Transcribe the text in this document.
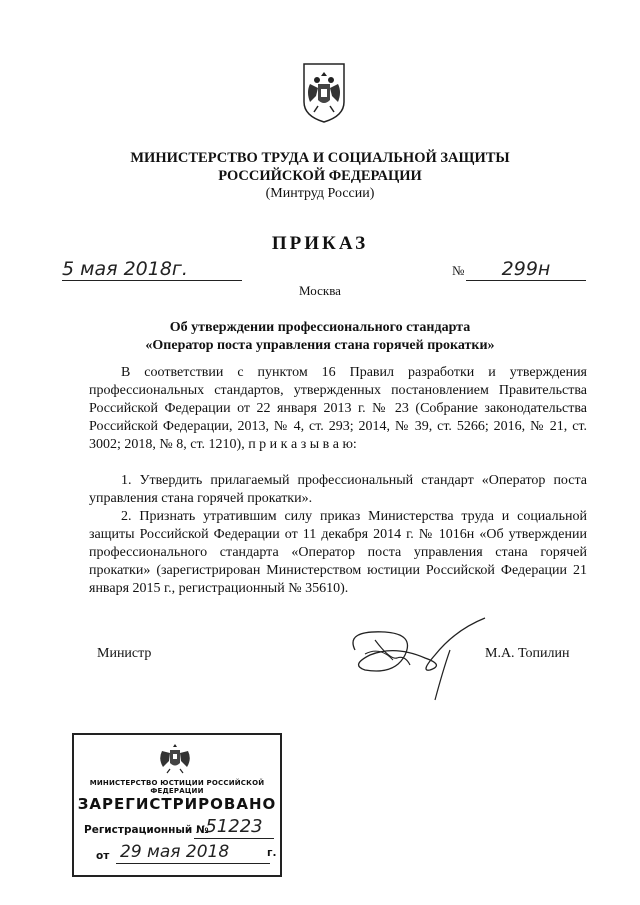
МИНИСТЕРСТВО ТРУДА И СОЦИАЛЬНОЙ ЗАЩИТЫ
РОССИЙСКОЙ ФЕДЕРАЦИИ
(Минтруд России)
ПРИКАЗ
5 мая 2018г.	№	299н
Москва
Об утверждении профессионального стандарта
«Оператор поста управления стана горячей прокатки»
В соответствии с пунктом 16 Правил разработки и утверждения профессиональных стандартов, утвержденных постановлением Правительства Российской Федерации от 22 января 2013 г. № 23 (Собрание законодательства Российской Федерации, 2013, № 4, ст. 293; 2014, № 39, ст. 5266; 2016, № 21, ст. 3002; 2018, № 8, ст. 1210), п р и к а з ы в а ю:
1. Утвердить прилагаемый профессиональный стандарт «Оператор поста управления стана горячей прокатки».
2. Признать утратившим силу приказ Министерства труда и социальной защиты Российской Федерации от 11 декабря 2014 г. № 1016н «Об утверждении профессионального стандарта «Оператор поста управления стана горячей прокатки» (зарегистрирован Министерством юстиции Российской Федерации 21 января 2015 г., регистрационный № 35610).
Министр	М.А. Топилин
МИНИСТЕРСТВО ЮСТИЦИИ РОССИЙСКОЙ ФЕДЕРАЦИИ
ЗАРЕГИСТРИРОВАНО
Регистрационный №
51223
от 29 мая 2018	г.
